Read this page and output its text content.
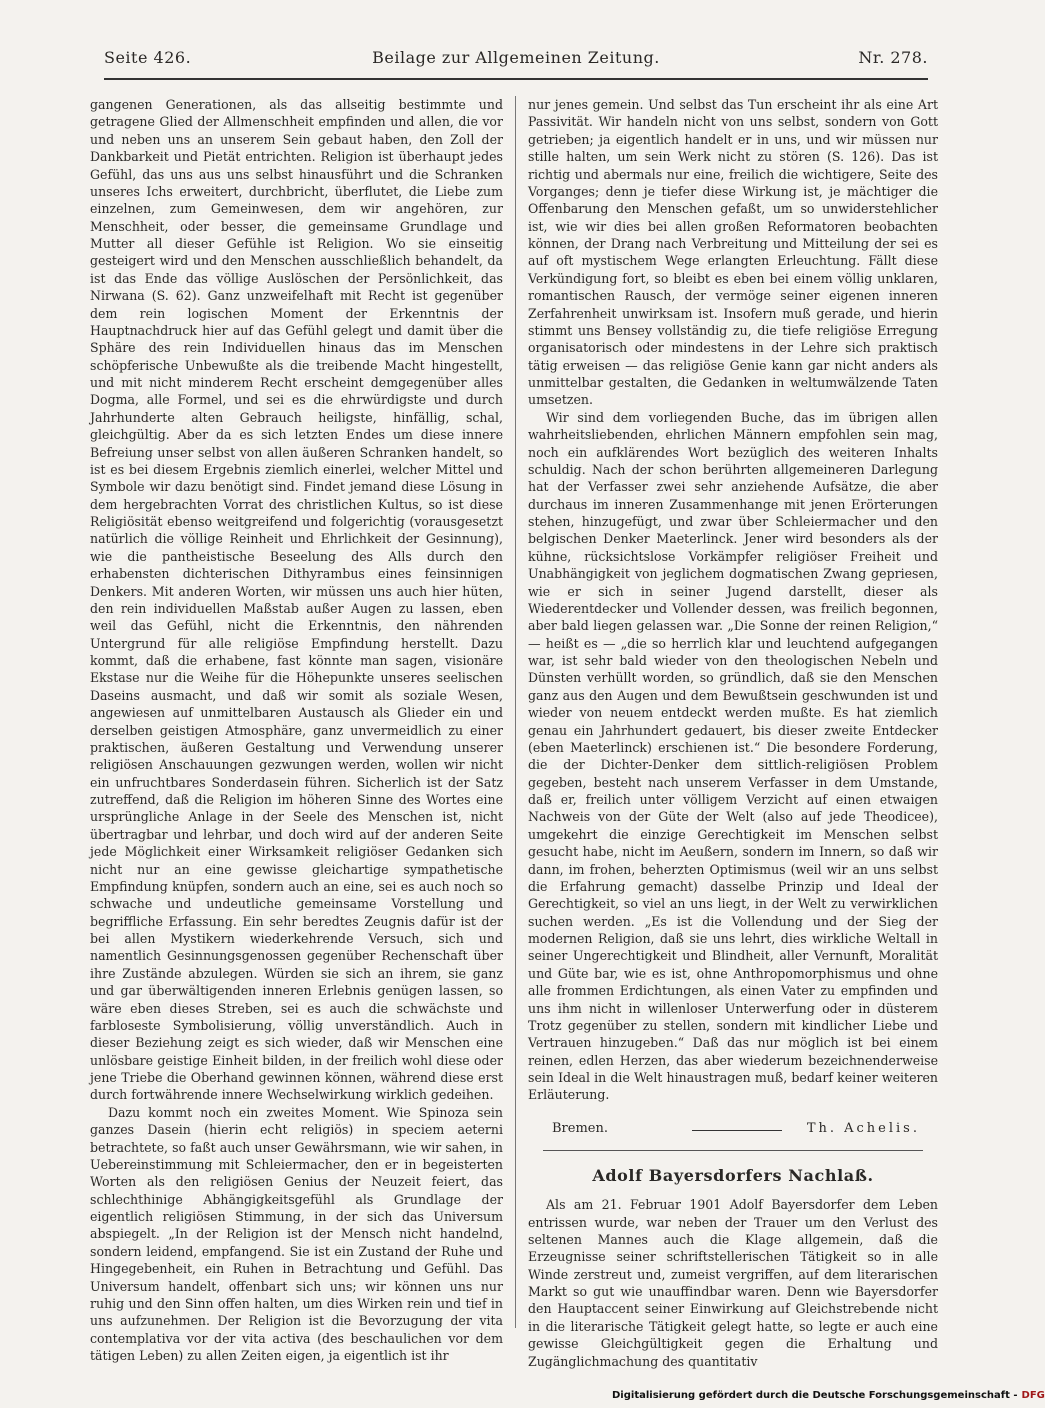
Seite 426.	Beilage zur Allgemeinen Zeitung.	Nr. 278.

gangenen Generationen, als das allseitig bestimmte und getragene Glied der Allmenschheit empfinden und allen, die vor und neben uns an unserem Sein gebaut haben, den Zoll der Dankbarkeit und Pietät entrichten. Religion ist überhaupt jedes Gefühl, das uns aus uns selbst hinausführt und die Schranken unseres Ichs erweitert, durchbricht, überflutet, die Liebe zum einzelnen, zum Gemeinwesen, dem wir angehören, zur Menschheit, oder besser, die gemeinsame Grundlage und Mutter all dieser Gefühle ist Religion. Wo sie einseitig gesteigert wird und den Menschen ausschließlich behandelt, da ist das Ende das völlige Auslöschen der Persönlichkeit, das Nirwana (S. 62). Ganz unzweifelhaft mit Recht ist gegenüber dem rein logischen Moment der Erkenntnis der Hauptnachdruck hier auf das Gefühl gelegt und damit über die Sphäre des rein Individuellen hinaus das im Menschen schöpferische Unbewußte als die treibende Macht hingestellt, und mit nicht minderem Recht erscheint demgegenüber alles Dogma, alle Formel, und sei es die ehrwürdigste und durch Jahrhunderte alten Gebrauch heiligste, hinfällig, schal, gleichgültig. Aber da es sich letzten Endes um diese innere Befreiung unser selbst von allen äußeren Schranken handelt, so ist es bei diesem Ergebnis ziemlich einerlei, welcher Mittel und Symbole wir dazu benötigt sind. Findet jemand diese Lösung in dem hergebrachten Vorrat des christlichen Kultus, so ist diese Religiösität ebenso weitgreifend und folgerichtig (vorausgesetzt natürlich die völlige Reinheit und Ehrlichkeit der Gesinnung), wie die pantheistische Beseelung des Alls durch den erhabensten dichterischen Dithyrambus eines feinsinnigen Denkers. Mit anderen Worten, wir müssen uns auch hier hüten, den rein individuellen Maßstab außer Augen zu lassen, eben weil das Gefühl, nicht die Erkenntnis, den nährenden Untergrund für alle religiöse Empfindung herstellt. Dazu kommt, daß die erhabene, fast könnte man sagen, visionäre Ekstase nur die Weihe für die Höhepunkte unseres seelischen Daseins ausmacht, und daß wir somit als soziale Wesen, angewiesen auf unmittelbaren Austausch als Glieder ein und derselben geistigen Atmosphäre, ganz unvermeidlich zu einer praktischen, äußeren Gestaltung und Verwendung unserer religiösen Anschauungen gezwungen werden, wollen wir nicht ein unfruchtbares Sonderdasein führen. Sicherlich ist der Satz zutreffend, daß die Religion im höheren Sinne des Wortes eine ursprüngliche Anlage in der Seele des Menschen ist, nicht übertragbar und lehrbar, und doch wird auf der anderen Seite jede Möglichkeit einer Wirksamkeit religiöser Gedanken sich nicht nur an eine gewisse gleichartige sympathetische Empfindung knüpfen, sondern auch an eine, sei es auch noch so schwache und undeutliche gemeinsame Vorstellung und begriffliche Erfassung. Ein sehr beredtes Zeugnis dafür ist der bei allen Mystikern wiederkehrende Versuch, sich und namentlich Gesinnungsgenossen gegenüber Rechenschaft über ihre Zustände abzulegen. Würden sie sich an ihrem, sie ganz und gar überwältigenden inneren Erlebnis genügen lassen, so wäre eben dieses Streben, sei es auch die schwächste und farbloseste Symbolisierung, völlig unverständlich. Auch in dieser Beziehung zeigt es sich wieder, daß wir Menschen eine unlösbare geistige Einheit bilden, in der freilich wohl diese oder jene Triebe die Oberhand gewinnen können, während diese erst durch fortwährende innere Wechselwirkung wirklich gedeihen.

Dazu kommt noch ein zweites Moment. Wie Spinoza sein ganzes Dasein (hierin echt religiös) in speciem aeterni betrachtete, so faßt auch unser Gewährsmann, wie wir sahen, in Uebereinstimmung mit Schleiermacher, den er in begeisterten Worten als den religiösen Genius der Neuzeit feiert, das schlechthinige Abhängigkeitsgefühl als Grundlage der eigentlich religiösen Stimmung, in der sich das Universum abspiegelt. „In der Religion ist der Mensch nicht handelnd, sondern leidend, empfangend. Sie ist ein Zustand der Ruhe und Hingegebenheit, ein Ruhen in Betrachtung und Gefühl. Das Universum handelt, offenbart sich uns; wir können uns nur ruhig und den Sinn offen halten, um dies Wirken rein und tief in uns aufzunehmen. Der Religion ist die Bevorzugung der vita contemplativa vor der vita activa (des beschaulichen vor dem tätigen Leben) zu allen Zeiten eigen, ja eigentlich ist ihr

nur jenes gemein. Und selbst das Tun erscheint ihr als eine Art Passivität. Wir handeln nicht von uns selbst, sondern von Gott getrieben; ja eigentlich handelt er in uns, und wir müssen nur stille halten, um sein Werk nicht zu stören (S. 126). Das ist richtig und abermals nur eine, freilich die wichtigere, Seite des Vorganges; denn je tiefer diese Wirkung ist, je mächtiger die Offenbarung den Menschen gefaßt, um so unwiderstehlicher ist, wie wir dies bei allen großen Reformatoren beobachten können, der Drang nach Verbreitung und Mitteilung der sei es auf oft mystischem Wege erlangten Erleuchtung. Fällt diese Verkündigung fort, so bleibt es eben bei einem völlig unklaren, romantischen Rausch, der vermöge seiner eigenen inneren Zerfahrenheit unwirksam ist. Insofern muß gerade, und hierin stimmt uns Bensey vollständig zu, die tiefe religiöse Erregung organisatorisch oder mindestens in der Lehre sich praktisch tätig erweisen — das religiöse Genie kann gar nicht anders als unmittelbar gestalten, die Gedanken in weltumwälzende Taten umsetzen.

Wir sind dem vorliegenden Buche, das im übrigen allen wahrheitsliebenden, ehrlichen Männern empfohlen sein mag, noch ein aufklärendes Wort bezüglich des weiteren Inhalts schuldig. Nach der schon berührten allgemeineren Darlegung hat der Verfasser zwei sehr anziehende Aufsätze, die aber durchaus im inneren Zusammenhange mit jenen Erörterungen stehen, hinzugefügt, und zwar über Schleiermacher und den belgischen Denker Maeterlinck. Jener wird besonders als der kühne, rücksichtslose Vorkämpfer religiöser Freiheit und Unabhängigkeit von jeglichem dogmatischen Zwang gepriesen, wie er sich in seiner Jugend darstellt, dieser als Wiederentdecker und Vollender dessen, was freilich begonnen, aber bald liegen gelassen war. „Die Sonne der reinen Religion,“ — heißt es — „die so herrlich klar und leuchtend aufgegangen war, ist sehr bald wieder von den theologischen Nebeln und Dünsten verhüllt worden, so gründlich, daß sie den Menschen ganz aus den Augen und dem Bewußtsein geschwunden ist und wieder von neuem entdeckt werden mußte. Es hat ziemlich genau ein Jahrhundert gedauert, bis dieser zweite Entdecker (eben Maeterlinck) erschienen ist.“ Die besondere Forderung, die der Dichter-Denker dem sittlich-religiösen Problem gegeben, besteht nach unserem Verfasser in dem Umstande, daß er, freilich unter völligem Verzicht auf einen etwaigen Nachweis von der Güte der Welt (also auf jede Theodicee), umgekehrt die einzige Gerechtigkeit im Menschen selbst gesucht habe, nicht im Aeußern, sondern im Innern, so daß wir dann, im frohen, beherzten Optimismus (weil wir an uns selbst die Erfahrung gemacht) dasselbe Prinzip und Ideal der Gerechtigkeit, so viel an uns liegt, in der Welt zu verwirklichen suchen werden. „Es ist die Vollendung und der Sieg der modernen Religion, daß sie uns lehrt, dies wirkliche Weltall in seiner Ungerechtigkeit und Blindheit, aller Vernunft, Moralität und Güte bar, wie es ist, ohne Anthropomorphismus und ohne alle frommen Erdichtungen, als einen Vater zu empfinden und uns ihm nicht in willenloser Unterwerfung oder in düsterem Trotz gegenüber zu stellen, sondern mit kindlicher Liebe und Vertrauen hinzugeben.“ Daß das nur möglich ist bei einem reinen, edlen Herzen, das aber wiederum bezeichnenderweise sein Ideal in die Welt hinaustragen muß, bedarf keiner weiteren Erläuterung.

Bremen.	Th. Achelis.
Adolf Bayersdorfers Nachlaß.

Als am 21. Februar 1901 Adolf Bayersdorfer dem Leben entrissen wurde, war neben der Trauer um den Verlust des seltenen Mannes auch die Klage allgemein, daß die Erzeugnisse seiner schriftstellerischen Tätigkeit so in alle Winde zerstreut und, zumeist vergriffen, auf dem literarischen Markt so gut wie unauffindbar waren. Denn wie Bayersdorfer den Hauptaccent seiner Einwirkung auf Gleichstrebende nicht in die literarische Tätigkeit gelegt hatte, so legte er auch eine gewisse Gleichgültigkeit gegen die Erhaltung und Zugänglichmachung des quantitativ

Digitalisierung gefördert durch die Deutsche Forschungsgemeinschaft - DFG
